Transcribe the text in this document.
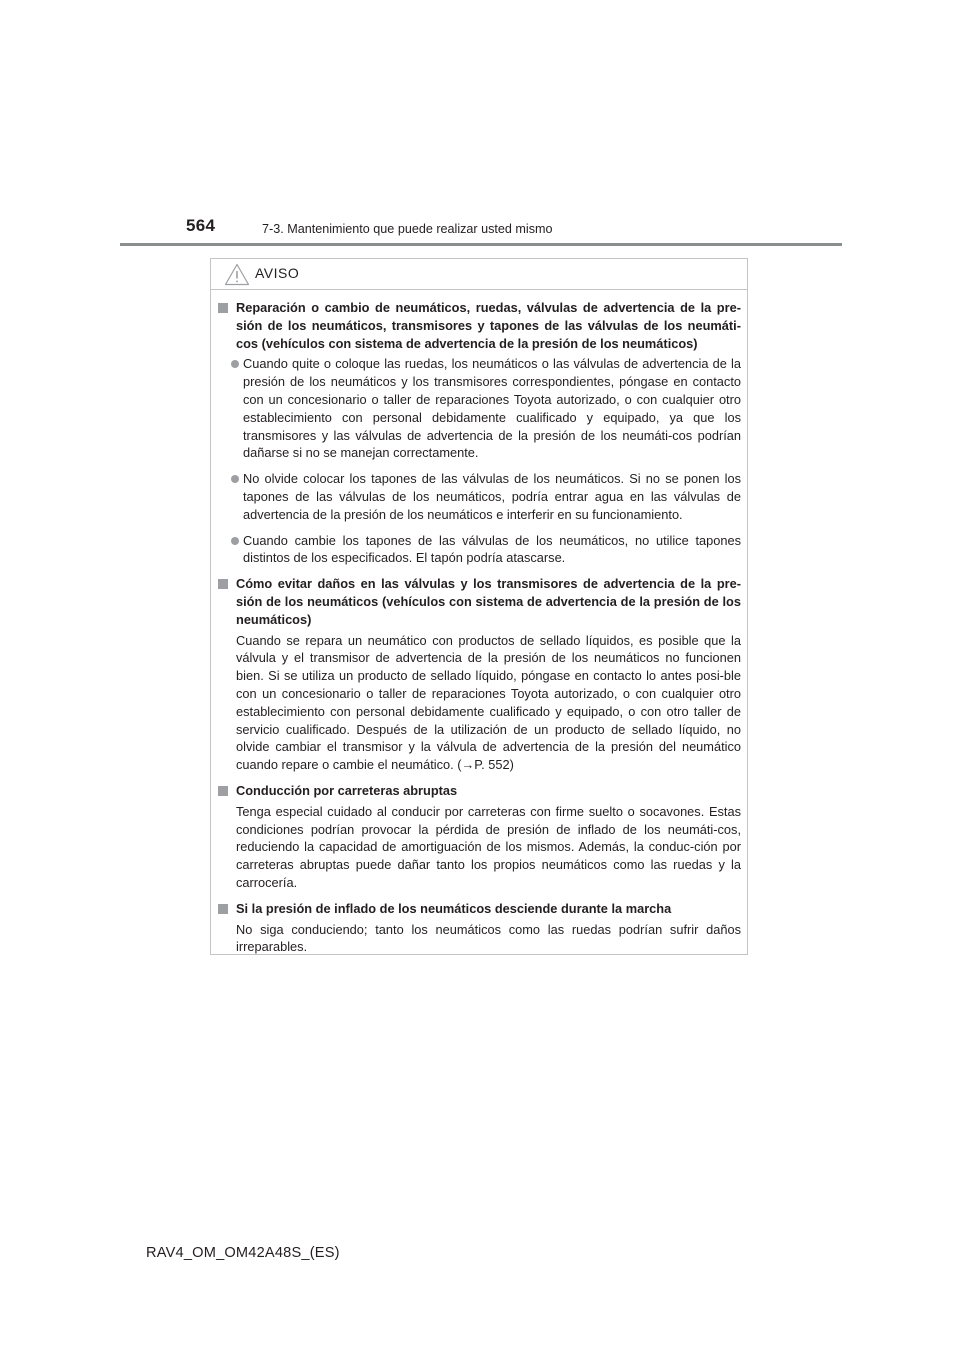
564	7-3. Mantenimiento que puede realizar usted mismo
AVISO
Reparación o cambio de neumáticos, ruedas, válvulas de advertencia de la pre-sión de los neumáticos, transmisores y tapones de las válvulas de los neumáti-cos (vehículos con sistema de advertencia de la presión de los neumáticos)
Cuando quite o coloque las ruedas, los neumáticos o las válvulas de advertencia de la presión de los neumáticos y los transmisores correspondientes, póngase en contacto con un concesionario o taller de reparaciones Toyota autorizado, o con cualquier otro establecimiento con personal debidamente cualificado y equipado, ya que los transmisores y las válvulas de advertencia de la presión de los neumáti-cos podrían dañarse si no se manejan correctamente.
No olvide colocar los tapones de las válvulas de los neumáticos. Si no se ponen los tapones de las válvulas de los neumáticos, podría entrar agua en las válvulas de advertencia de la presión de los neumáticos e interferir en su funcionamiento.
Cuando cambie los tapones de las válvulas de los neumáticos, no utilice tapones distintos de los especificados. El tapón podría atascarse.
Cómo evitar daños en las válvulas y los transmisores de advertencia de la pre-sión de los neumáticos (vehículos con sistema de advertencia de la presión de los neumáticos)
Cuando se repara un neumático con productos de sellado líquidos, es posible que la válvula y el transmisor de advertencia de la presión de los neumáticos no funcionen bien. Si se utiliza un producto de sellado líquido, póngase en contacto lo antes posi-ble con un concesionario o taller de reparaciones Toyota autorizado, o con cualquier otro establecimiento con personal debidamente cualificado y equipado, o con otro taller de servicio cualificado. Después de la utilización de un producto de sellado líquido, no olvide cambiar el transmisor y la válvula de advertencia de la presión del neumático cuando repare o cambie el neumático. (→P. 552)
Conducción por carreteras abruptas
Tenga especial cuidado al conducir por carreteras con firme suelto o socavones. Estas condiciones podrían provocar la pérdida de presión de inflado de los neumáti-cos, reduciendo la capacidad de amortiguación de los mismos. Además, la conduc-ción por carreteras abruptas puede dañar tanto los propios neumáticos como las ruedas y la carrocería.
Si la presión de inflado de los neumáticos desciende durante la marcha
No siga conduciendo; tanto los neumáticos como las ruedas podrían sufrir daños irreparables.
RAV4_OM_OM42A48S_(ES)
